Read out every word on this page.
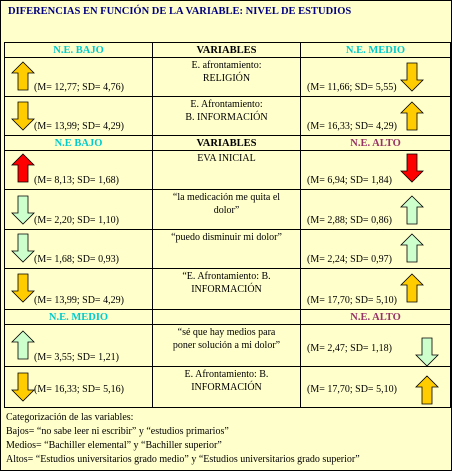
DIFERENCIAS EN FUNCIÓN DE LA VARIABLE: NIVEL DE ESTUDIOS
N.E. BAJO	VARIABLES	N.E. MEDIO

(M= 12,77; SD= 4,76)	E. afrontamiento:
RELIGIÓN	(M= 11,66; SD= 5,55)

(M= 13,99; SD= 4,29)	E. Afrontamiento:
B. INFORMACIÓN	(M= 16,33; SD= 4,29)

N.E BAJO	VARIABLES	N.E. ALTO

(M= 8,13; SD= 1,68)	EVA INICIAL	(M= 6,94; SD= 1,84)

(M= 2,20; SD= 1,10)	“la medicación me quita el
dolor”	(M= 2,88; SD= 0,86)

(M= 1,68; SD= 0,93)	“puedo disminuir mi dolor”	(M= 2,24; SD= 0,97)

(M= 13,99; SD= 4,29)	“E. Afrontamiento: B.
INFORMACIÓN	(M= 17,70; SD= 5,10)

N.E. MEDIO		N.E. ALTO

(M= 3,55; SD= 1,21)	“sé que hay medios para
poner solución a mi dolor”	(M= 2,47; SD= 1,18)

(M= 16,33; SD= 5,16)	E. Afrontamiento: B.
INFORMACIÓN	(M= 17,70; SD= 5,10)
Categorización de las variables:
Bajos= “no sabe leer ni escribir” y “estudios primarios”
Medios= “Bachiller elemental” y “Bachiller superior”
Altos= “Estudios universitarios grado medio” y “Estudios universitarios grado superior”
